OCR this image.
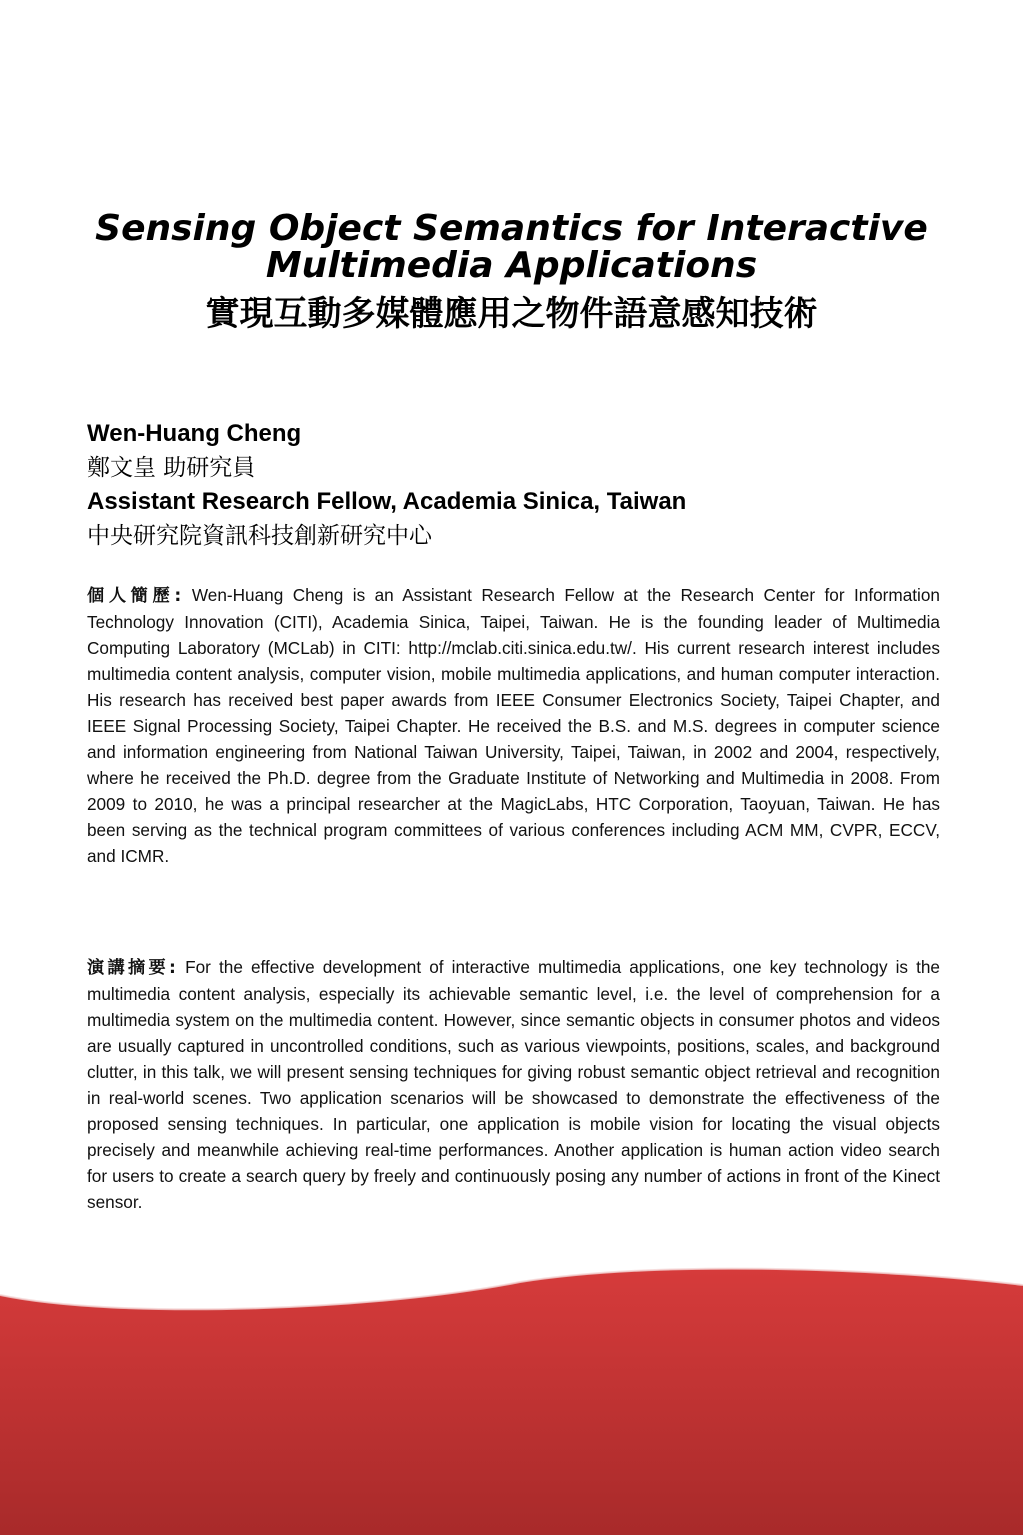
Sensing Object Semantics for Interactive Multimedia Applications

實現互動多媒體應用之物件語意感知技術

Wen-Huang Cheng

鄭文皇 助研究員

Assistant Research Fellow, Academia Sinica, Taiwan

中央研究院資訊科技創新研究中心

個人簡歷: Wen-Huang Cheng is an Assistant Research Fellow at the Research Center for Information Technology Innovation (CITI), Academia Sinica, Taipei, Taiwan. He is the founding leader of Multimedia Computing Laboratory (MCLab) in CITI: http://mclab.citi.sinica.edu.tw/. His current research interest includes multimedia content analysis, computer vision, mobile multimedia applications, and human computer interaction. His research has received best paper awards from IEEE Consumer Electronics Society, Taipei Chapter, and IEEE Signal Processing Society, Taipei Chapter. He received the B.S. and M.S. degrees in computer science and information engineering from National Taiwan University, Taipei, Taiwan, in 2002 and 2004, respectively, where he received the Ph.D. degree from the Graduate Institute of Networking and Multimedia in 2008. From 2009 to 2010, he was a principal researcher at the MagicLabs, HTC Corporation, Taoyuan, Taiwan. He has been serving as the technical program committees of various conferences including ACM MM, CVPR, ECCV, and ICMR.
演講摘要: For the effective development of interactive multimedia applications, one key technology is the multimedia content analysis, especially its achievable semantic level, i.e. the level of comprehension for a multimedia system on the multimedia content. However, since semantic objects in consumer photos and videos are usually captured in uncontrolled conditions, such as various viewpoints, positions, scales, and background clutter, in this talk, we will present sensing techniques for giving robust semantic object retrieval and recognition in real-world scenes. Two application scenarios will be showcased to demonstrate the effectiveness of the proposed sensing techniques. In particular, one application is mobile vision for locating the visual objects precisely and meanwhile achieving real-time performances. Another application is human action video search for users to create a search query by freely and continuously posing any number of actions in front of the Kinect sensor.
